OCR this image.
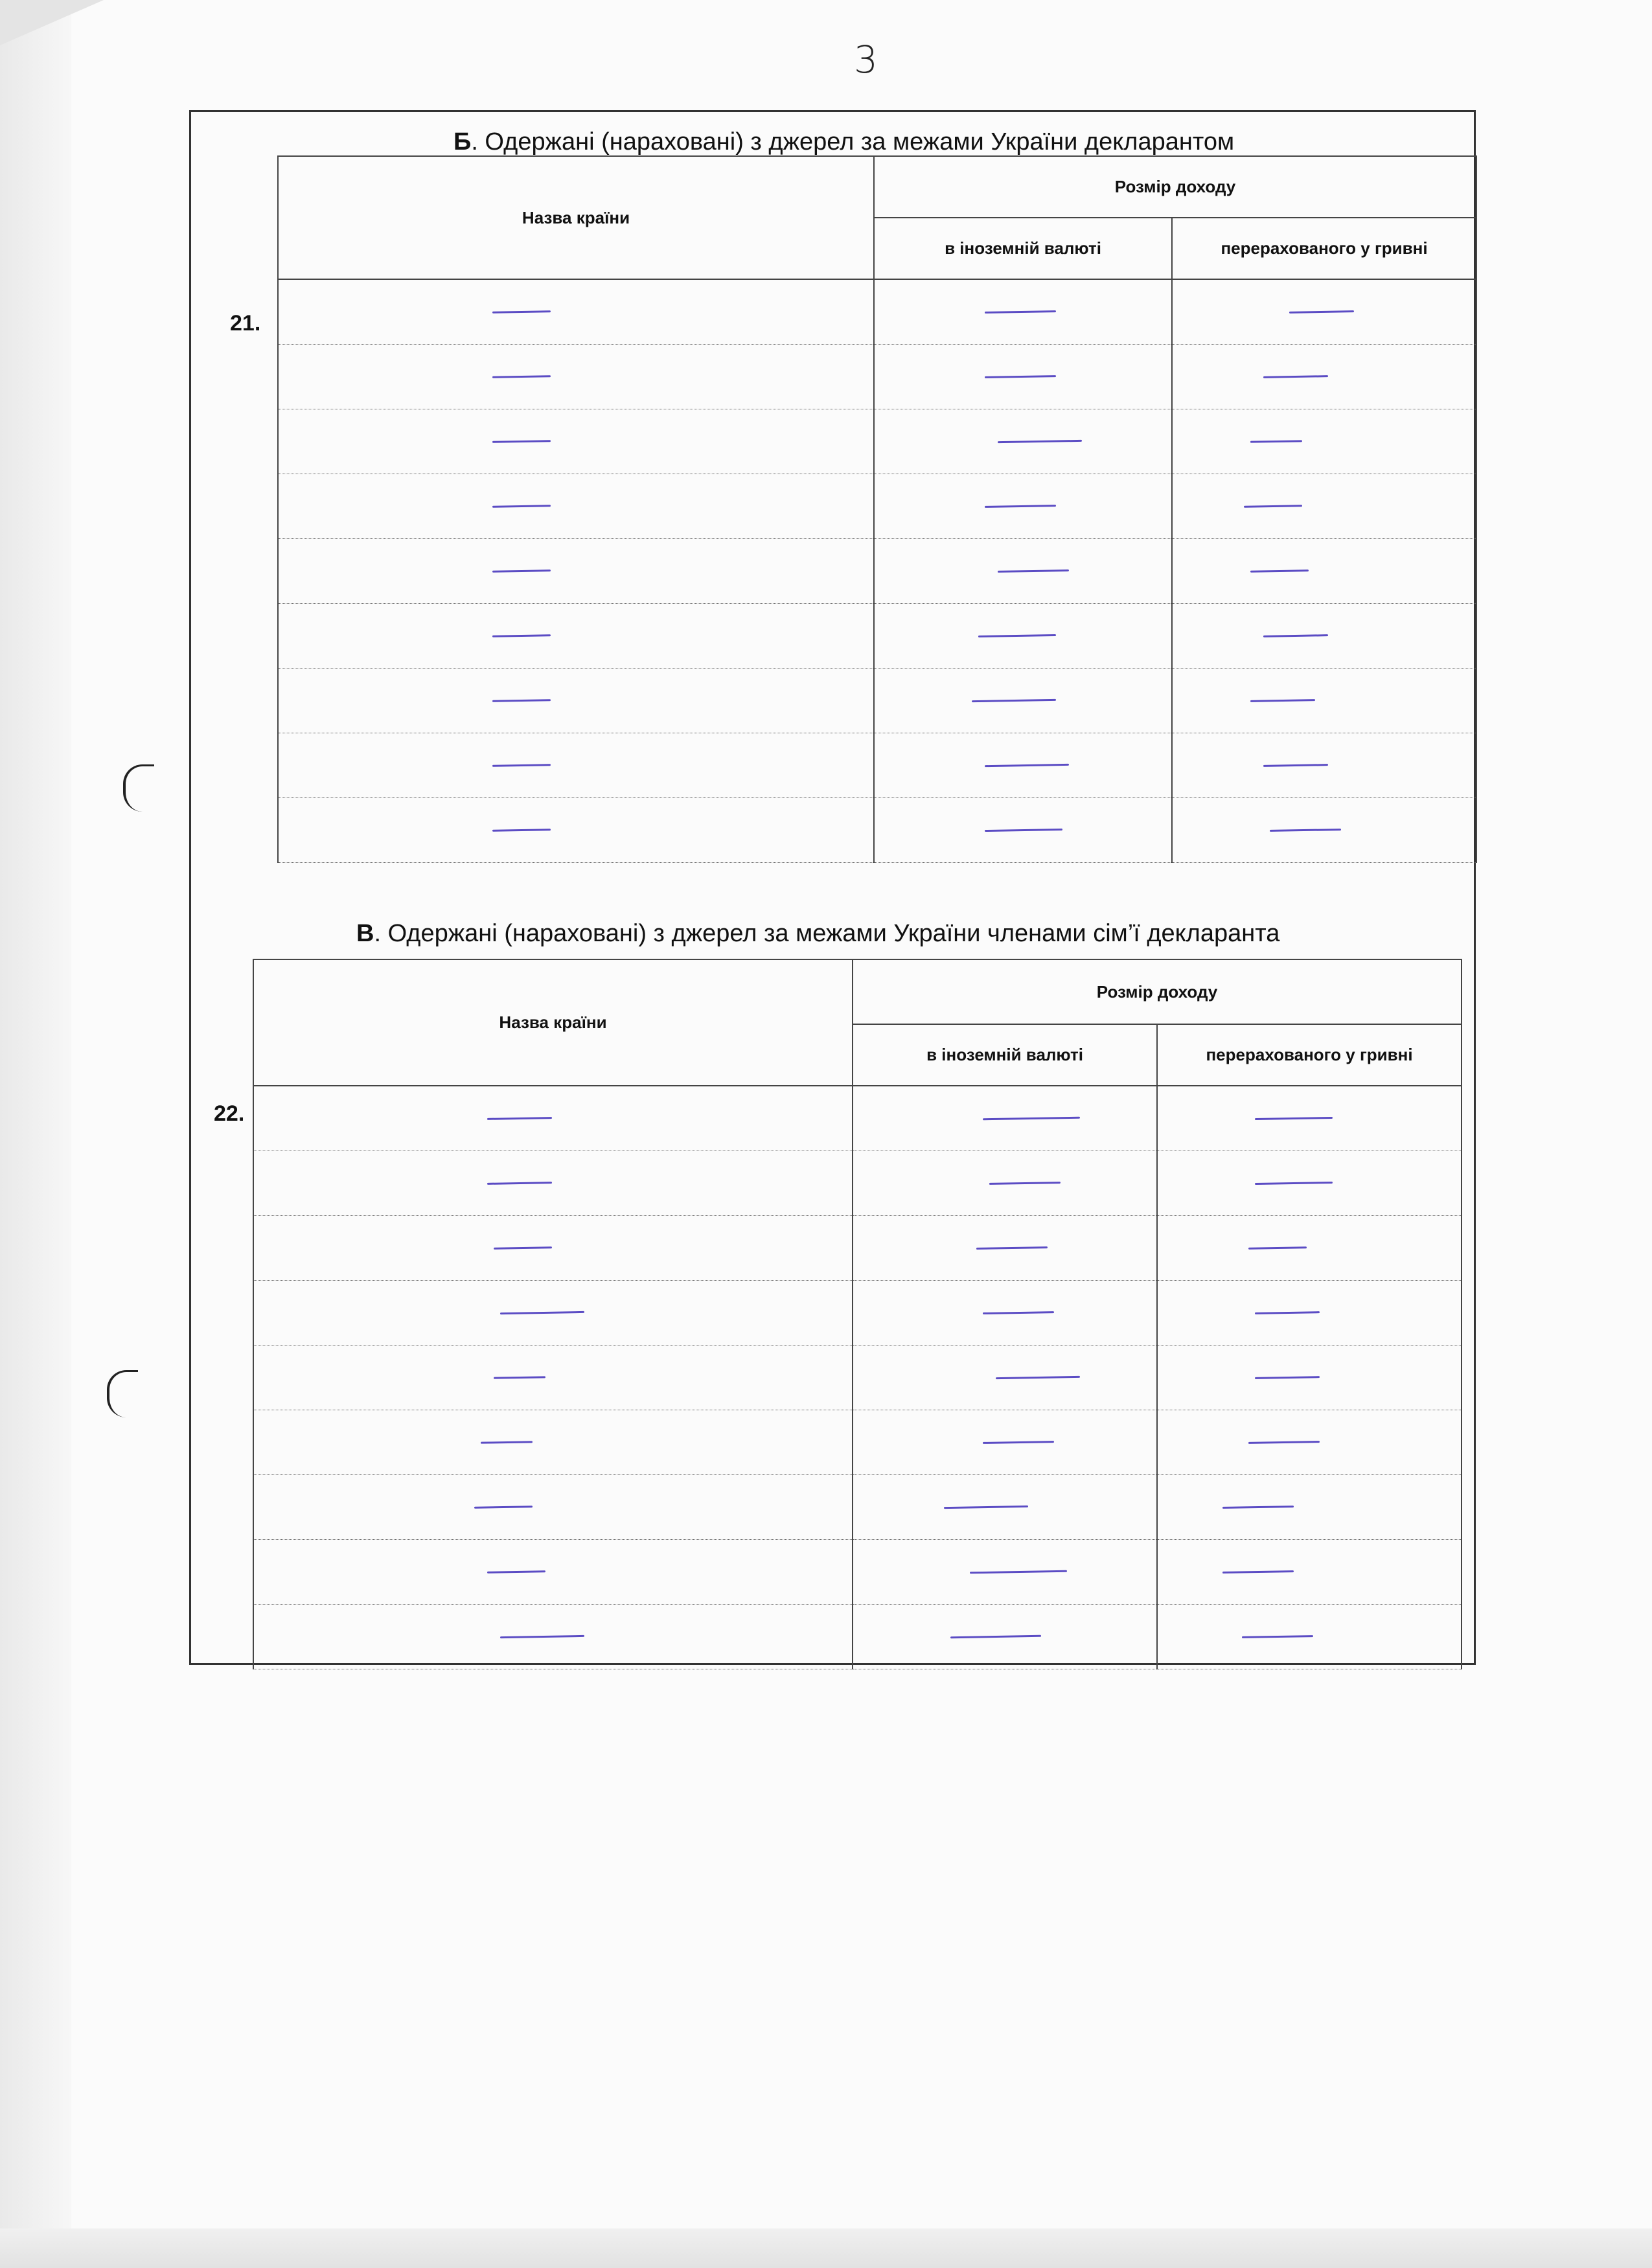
3
Б. Одержані (нараховані) з джерел за межами України декларантом
21.
Назва країни	Розмір доходу	
	в іноземній валюті	перерахованого у гривні

В. Одержані (нараховані) з джерел за межами України членами сім’ї декларанта
22.
Назва країни	Розмір доходу	
	в іноземній валюті	перерахованого у гривні
